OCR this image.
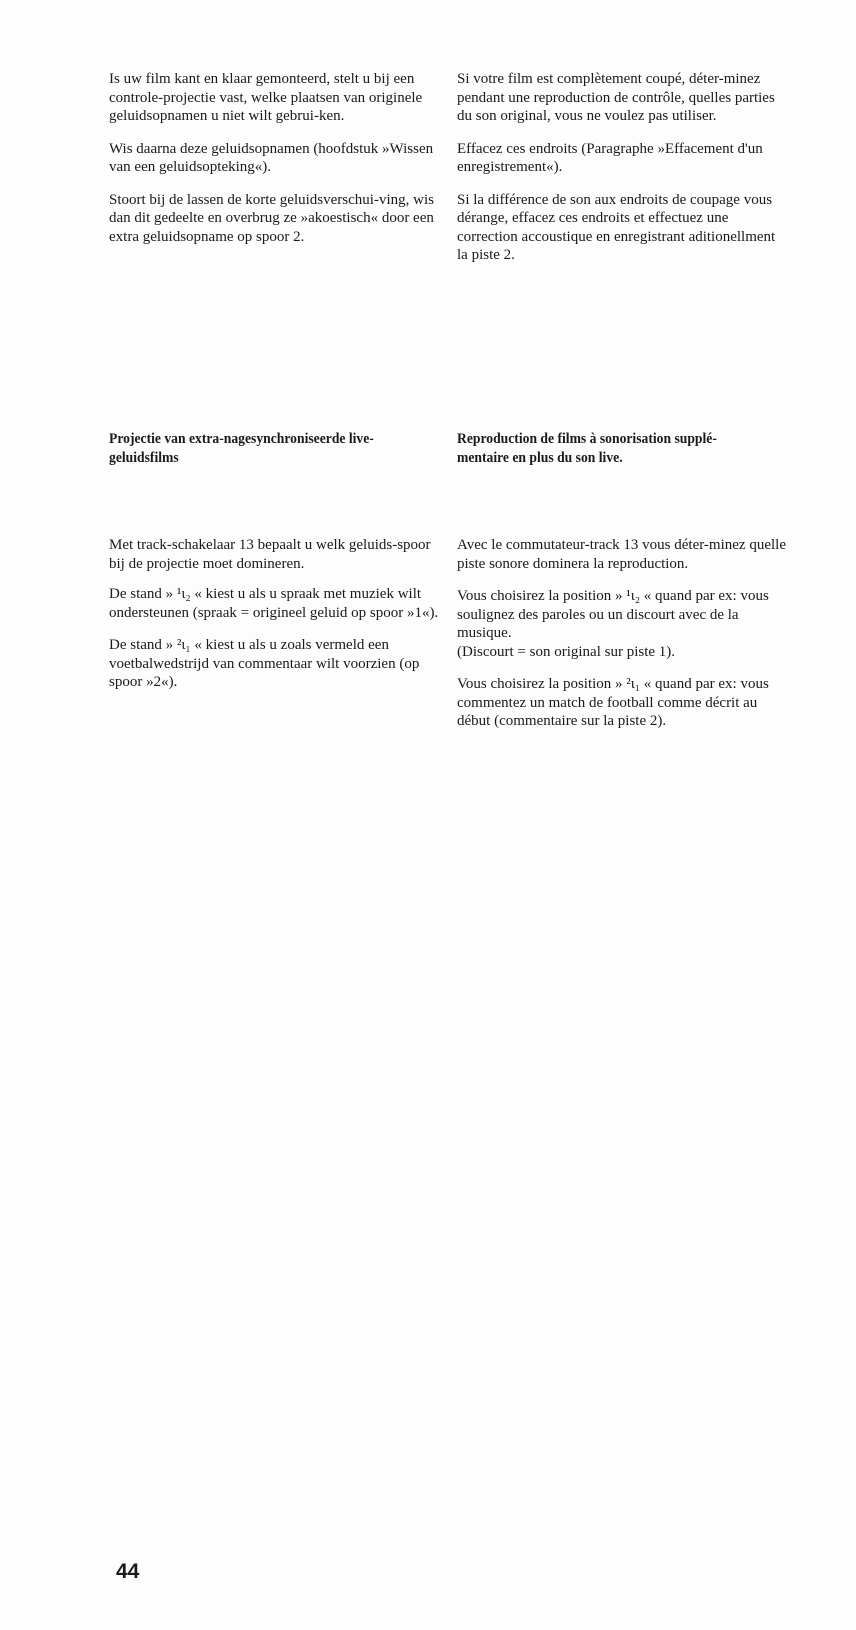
Is uw film kant en klaar gemonteerd, stelt u bij een controle-projectie vast, welke plaatsen van originele geluidsopnamen u niet wilt gebrui-ken.

Wis daarna deze geluidsopnamen (hoofdstuk »Wissen van een geluidsopteking«).

Stoort bij de lassen de korte geluidsverschui-ving, wis dan dit gedeelte en overbrug ze »akoestisch« door een extra geluidsopname op spoor 2.

Projectie van extra-nagesynchroniseerde live-geluidsfilms

Met track-schakelaar 13 bepaalt u welk geluids-spoor bij de projectie moet domineren.

De stand » ¹ι₂ « kiest u als u spraak met muziek wilt ondersteunen (spraak = origineel geluid op spoor »1«).

De stand » ²ι₁ « kiest u als u zoals vermeld een voetbalwedstrijd van commentaar wilt voorzien (op spoor »2«).

Si votre film est complètement coupé, déter-minez pendant une reproduction de contrôle, quelles parties du son original, vous ne voulez pas utiliser.

Effacez ces endroits (Paragraphe »Effacement d'un enregistrement«).

Si la différence de son aux endroits de coupage vous dérange, effacez ces endroits et effectuez une correction accoustique en enregistrant aditionellment la piste 2.

Reproduction de films à sonorisation supplé-mentaire en plus du son live.

Avec le commutateur-track 13 vous déter-minez quelle piste sonore dominera la reproduction.

Vous choisirez la position » ¹ι₂ « quand par ex: vous soulignez des paroles ou un discourt avec de la musique.

(Discourt = son original sur piste 1).

Vous choisirez la position » ²ι₁ « quand par ex: vous commentez un match de football comme décrit au début (commentaire sur la piste 2).

44
